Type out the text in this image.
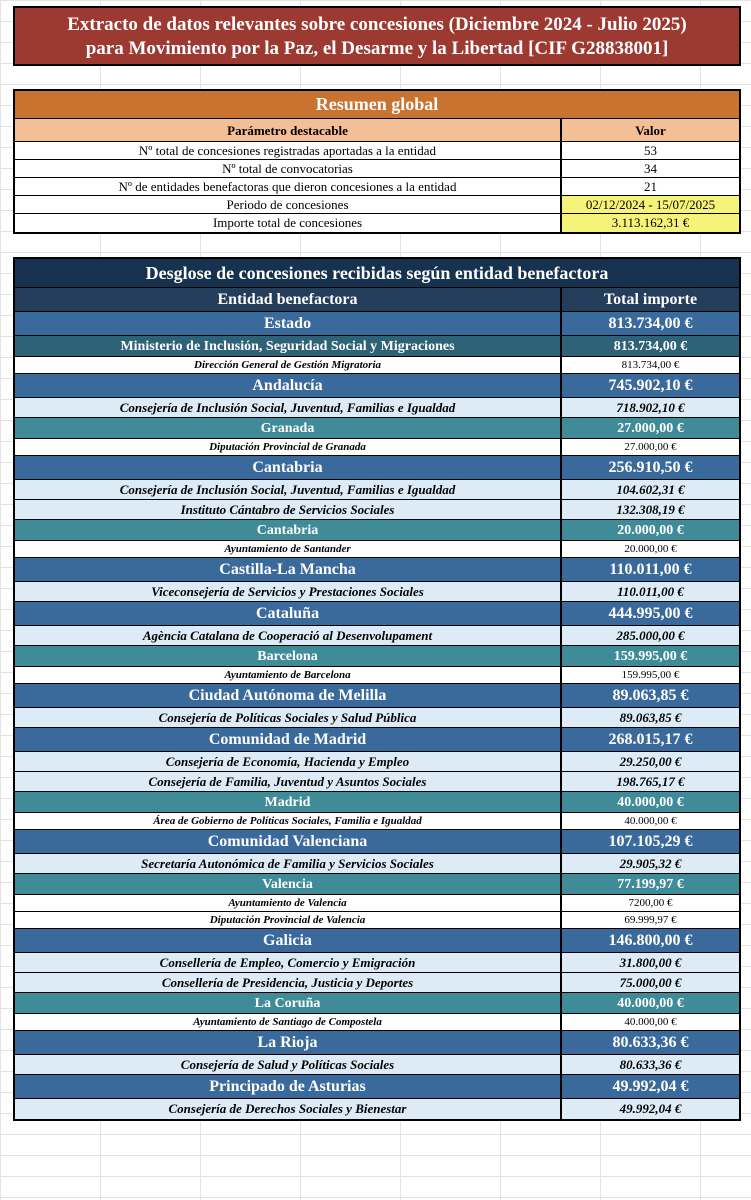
Extracto de datos relevantes sobre concesiones (Diciembre 2024 - Julio 2025)
para Movimiento por la Paz, el Desarme y la Libertad [CIF G28838001]
Resumen global
Parámetro destacable	Valor
Nº total de concesiones registradas aportadas a la entidad	53
Nº total de convocatorias	34
Nº de entidades benefactoras que dieron concesiones a la entidad	21
Periodo de concesiones	02/12/2024 - 15/07/2025
Importe total de concesiones	3.113.162,31 €
Desglose de concesiones recibidas según entidad benefactora
Entidad benefactora	Total importe
Estado	813.734,00 €
Ministerio de Inclusión, Seguridad Social y Migraciones	813.734,00 €
Dirección General de Gestión Migratoria	813.734,00 €
Andalucía	745.902,10 €
Consejería de Inclusión Social, Juventud, Familias e Igualdad	718.902,10 €
Granada	27.000,00 €
Diputación Provincial de Granada	27.000,00 €
Cantabria	256.910,50 €
Consejería de Inclusión Social, Juventud, Familias e Igualdad	104.602,31 €
Instituto Cántabro de Servicios Sociales	132.308,19 €
Cantabria	20.000,00 €
Ayuntamiento de Santander	20.000,00 €
Castilla-La Mancha	110.011,00 €
Viceconsejería de Servicios y Prestaciones Sociales	110.011,00 €
Cataluña	444.995,00 €
Agència Catalana de Cooperació al Desenvolupament	285.000,00 €
Barcelona	159.995,00 €
Ayuntamiento de Barcelona	159.995,00 €
Ciudad Autónoma de Melilla	89.063,85 €
Consejería de Políticas Sociales y Salud Pública	89.063,85 €
Comunidad de Madrid	268.015,17 €
Consejería de Economía, Hacienda y Empleo	29.250,00 €
Consejería de Familia, Juventud y Asuntos Sociales	198.765,17 €
Madrid	40.000,00 €
Área de Gobierno de Políticas Sociales, Familia e Igualdad	40.000,00 €
Comunidad Valenciana	107.105,29 €
Secretaría Autonómica de Familia y Servicios Sociales	29.905,32 €
Valencia	77.199,97 €
Ayuntamiento de Valencia	7200,00 €
Diputación Provincial de Valencia	69.999,97 €
Galicia	146.800,00 €
Consellería de Empleo, Comercio y Emigración	31.800,00 €
Consellería de Presidencia, Justicia y Deportes	75.000,00 €
La Coruña	40.000,00 €
Ayuntamiento de Santiago de Compostela	40.000,00 €
La Rioja	80.633,36 €
Consejería de Salud y Políticas Sociales	80.633,36 €
Principado de Asturias	49.992,04 €
Consejería de Derechos Sociales y Bienestar	49.992,04 €
